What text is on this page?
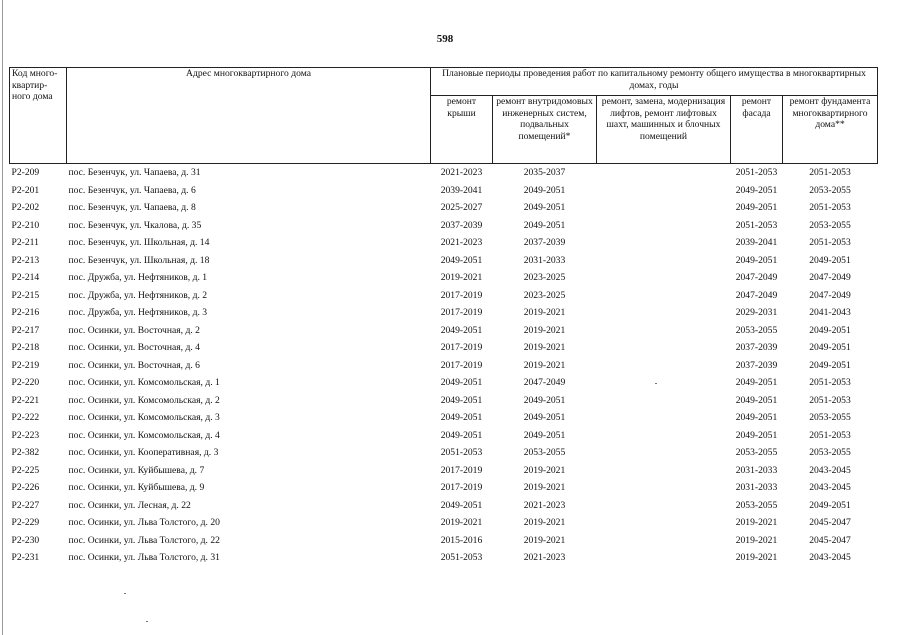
598
Код много-квартир-ного дома	Адрес многоквартирного дома	Плановые периоды проведения работ по капитальному ремонту общего имущества в многоквартирных домах, годы				
		ремонт крыши	ремонт внутридомовых инженерных систем, подвальных помещений*	ремонт, замена, модернизация лифтов, ремонт лифтовых шахт, машинных и блочных помещений	ремонт фасада	ремонт фундамента многоквартирного дома**
Р2-209	пос. Безенчук, ул. Чапаева, д. 31	2021-2023	2035-2037		2051-2053	2051-2053
Р2-201	пос. Безенчук, ул. Чапаева, д. 6	2039-2041	2049-2051		2049-2051	2053-2055
Р2-202	пос. Безенчук, ул. Чапаева, д. 8	2025-2027	2049-2051		2049-2051	2051-2053
Р2-210	пос. Безенчук, ул. Чкалова, д. 35	2037-2039	2049-2051		2051-2053	2053-2055
Р2-211	пос. Безенчук, ул. Школьная, д. 14	2021-2023	2037-2039		2039-2041	2051-2053
Р2-213	пос. Безенчук, ул. Школьная, д. 18	2049-2051	2031-2033		2049-2051	2049-2051
Р2-214	пос. Дружба, ул. Нефтяников, д. 1	2019-2021	2023-2025		2047-2049	2047-2049
Р2-215	пос. Дружба, ул. Нефтяников, д. 2	2017-2019	2023-2025		2047-2049	2047-2049
Р2-216	пос. Дружба, ул. Нефтяников, д. 3	2017-2019	2019-2021		2029-2031	2041-2043
Р2-217	пос. Осинки, ул. Восточная, д. 2	2049-2051	2019-2021		2053-2055	2049-2051
Р2-218	пос. Осинки, ул. Восточная, д. 4	2017-2019	2019-2021		2037-2039	2049-2051
Р2-219	пос. Осинки, ул. Восточная, д. 6	2017-2019	2019-2021		2037-2039	2049-2051
Р2-220	пос. Осинки, ул. Комсомольская, д. 1	2049-2051	2047-2049		2049-2051	2051-2053
Р2-221	пос. Осинки, ул. Комсомольская, д. 2	2049-2051	2049-2051		2049-2051	2051-2053
Р2-222	пос. Осинки, ул. Комсомольская, д. 3	2049-2051	2049-2051		2049-2051	2053-2055
Р2-223	пос. Осинки, ул. Комсомольская, д. 4	2049-2051	2049-2051		2049-2051	2051-2053
Р2-382	пос. Осинки, ул. Кооперативная, д. 3	2051-2053	2053-2055		2053-2055	2053-2055
Р2-225	пос. Осинки, ул. Куйбышева, д. 7	2017-2019	2019-2021		2031-2033	2043-2045
Р2-226	пос. Осинки, ул. Куйбышева, д. 9	2017-2019	2019-2021		2031-2033	2043-2045
Р2-227	пос. Осинки, ул. Лесная, д. 22	2049-2051	2021-2023		2053-2055	2049-2051
Р2-229	пос. Осинки, ул. Льва Толстого, д. 20	2019-2021	2019-2021		2019-2021	2045-2047
Р2-230	пос. Осинки, ул. Льва Толстого, д. 22	2015-2016	2019-2021		2019-2021	2045-2047
Р2-231	пос. Осинки, ул. Льва Толстого, д. 31	2051-2053	2021-2023		2019-2021	2043-2045
